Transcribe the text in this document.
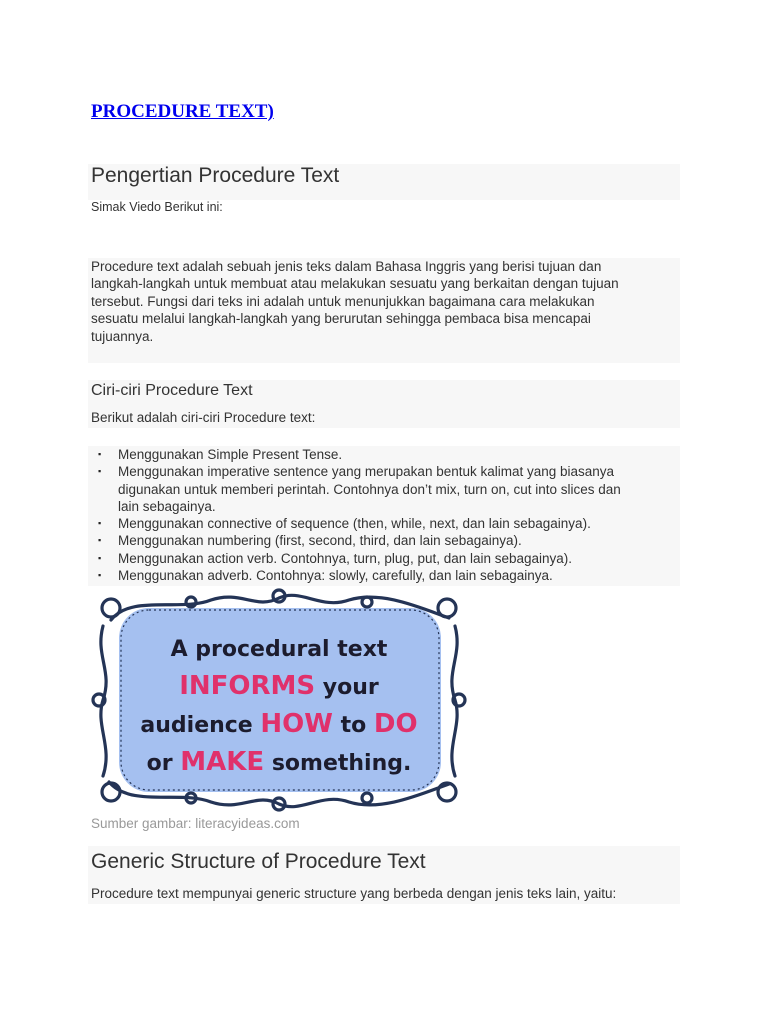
PROCEDURE TEXT)
Pengertian Procedure Text
Simak Viedo Berikut ini:
Procedure text adalah sebuah jenis teks dalam Bahasa Inggris yang berisi tujuan dan
langkah-langkah untuk membuat atau melakukan sesuatu yang berkaitan dengan tujuan
tersebut. Fungsi dari teks ini adalah untuk menunjukkan bagaimana cara melakukan
sesuatu melalui langkah-langkah yang berurutan sehingga pembaca bisa mencapai
tujuannya.
Ciri-ciri Procedure Text
Berikut adalah ciri-ciri Procedure text:
▪ Menggunakan Simple Present Tense.
▪ Menggunakan imperative sentence yang merupakan bentuk kalimat yang biasanya
digunakan untuk memberi perintah. Contohnya don’t mix, turn on, cut into slices dan
lain sebagainya.
▪ Menggunakan connective of sequence (then, while, next, dan lain sebagainya).
▪ Menggunakan numbering (first, second, third, dan lain sebagainya).
▪ Menggunakan action verb. Contohnya, turn, plug, put, dan lain sebagainya).
▪ Menggunakan adverb. Contohnya: slowly, carefully, dan lain sebagainya.
A procedural text
INFORMS your
audience HOW to DO
or MAKE something.
Sumber gambar: literacyideas.com
Generic Structure of Procedure Text
Procedure text mempunyai generic structure yang berbeda dengan jenis teks lain, yaitu:
